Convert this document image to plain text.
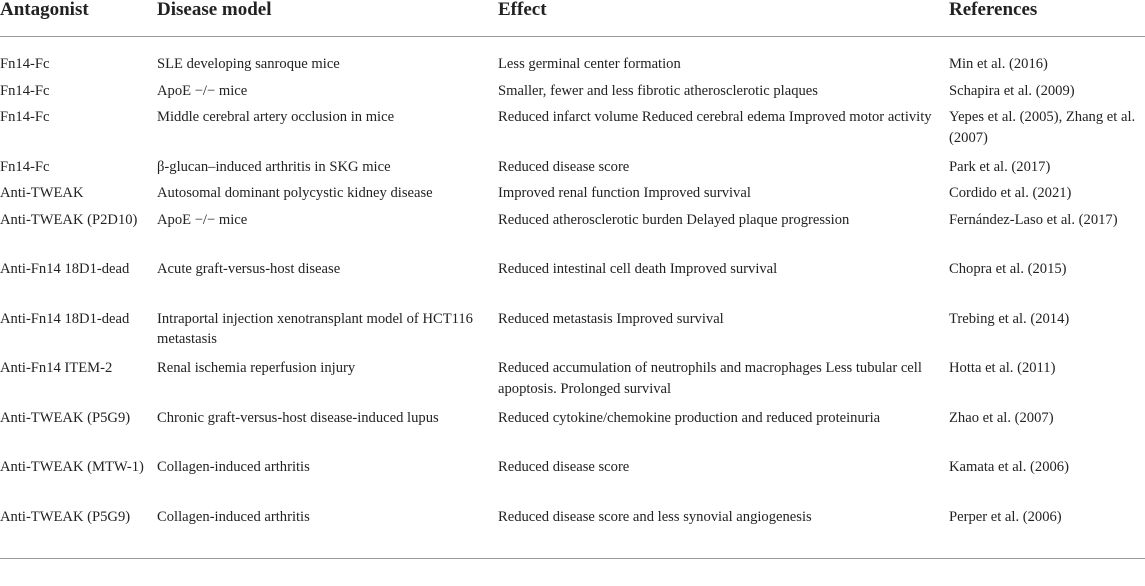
Antagonist	Disease model	Effect	References
Fn14-Fc	SLE developing sanroque mice	Less germinal center formation	Min et al. (2016)
Fn14-Fc	ApoE −/− mice	Smaller, fewer and less fibrotic atherosclerotic plaques	Schapira et al. (2009)
Fn14-Fc	Middle cerebral artery occlusion in mice	Reduced infarct volume Reduced cerebral edema Improved motor activity	Yepes et al. (2005), Zhang et al. (2007)
Fn14-Fc	β-glucan–induced arthritis in SKG mice	Reduced disease score	Park et al. (2017)
Anti-TWEAK	Autosomal dominant polycystic kidney disease	Improved renal function Improved survival	Cordido et al. (2021)
Anti-TWEAK (P2D10)	ApoE −/− mice	Reduced atherosclerotic burden Delayed plaque progression	Fernández-Laso et al. (2017)
Anti-Fn14 18D1-dead	Acute graft-versus-host disease	Reduced intestinal cell death Improved survival	Chopra et al. (2015)
Anti-Fn14 18D1-dead	Intraportal injection xenotransplant model of HCT116 metastasis	Reduced metastasis Improved survival	Trebing et al. (2014)
Anti-Fn14 ITEM-2	Renal ischemia reperfusion injury	Reduced accumulation of neutrophils and macrophages Less tubular cell apoptosis. Prolonged survival	Hotta et al. (2011)
Anti-TWEAK (P5G9)	Chronic graft-versus-host disease-induced lupus	Reduced cytokine/chemokine production and reduced proteinuria	Zhao et al. (2007)
Anti-TWEAK (MTW-1)	Collagen-induced arthritis	Reduced disease score	Kamata et al. (2006)
Anti-TWEAK (P5G9)	Collagen-induced arthritis	Reduced disease score and less synovial angiogenesis	Perper et al. (2006)
